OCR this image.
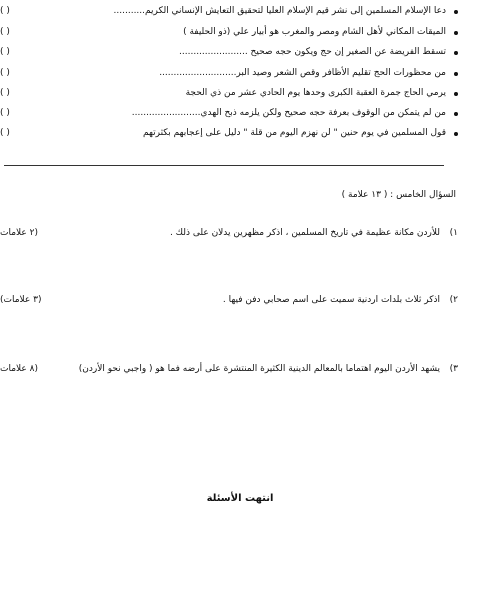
دعا الإسلام المسلمين إلى نشر قيم الإسلام العليا لتحقيق التعايش الإنساني الكريم...........
( )
الميقات المكاني لأهل الشام ومصر والمغرب هو أبيار علي (ذو الحليفة )
( )
تسقط الفريضة عن الصغير إن حج ويكون حجه صحيح ........................
( )
من محظورات الحج تقليم الأظافر وقص الشعر وصيد البر...........................
( )
يرمي الحاج جمرة العقبة الكبرى وحدها يوم الحادي عشر من ذي الحجة
( )
من لم يتمكن من الوقوف بعرفة حجه صحيح ولكن يلزمه ذبح الهدي........................
( )
قول المسلمين في يوم حنين " لن نهزم اليوم من قلة " دليل على إعجابهم بكثرتهم
( )
السؤال الخامس : ( ١٣ علامة )
١)
للأردن مكانة عظيمة في تاريخ المسلمين ، اذكر مظهرين يدلان على ذلك .
(٢ علامات
٢)
اذكر ثلاث بلدات اردنية سميت على اسم صحابي دفن فيها .
(٣ علامات)
٣)
يشهد الأردن اليوم اهتماما بالمعالم الدينية الكثيرة المنتشرة على أرضه فما هو ( واجبي نحو الأردن)
(٨ علامات
انتهت الأسئلة
